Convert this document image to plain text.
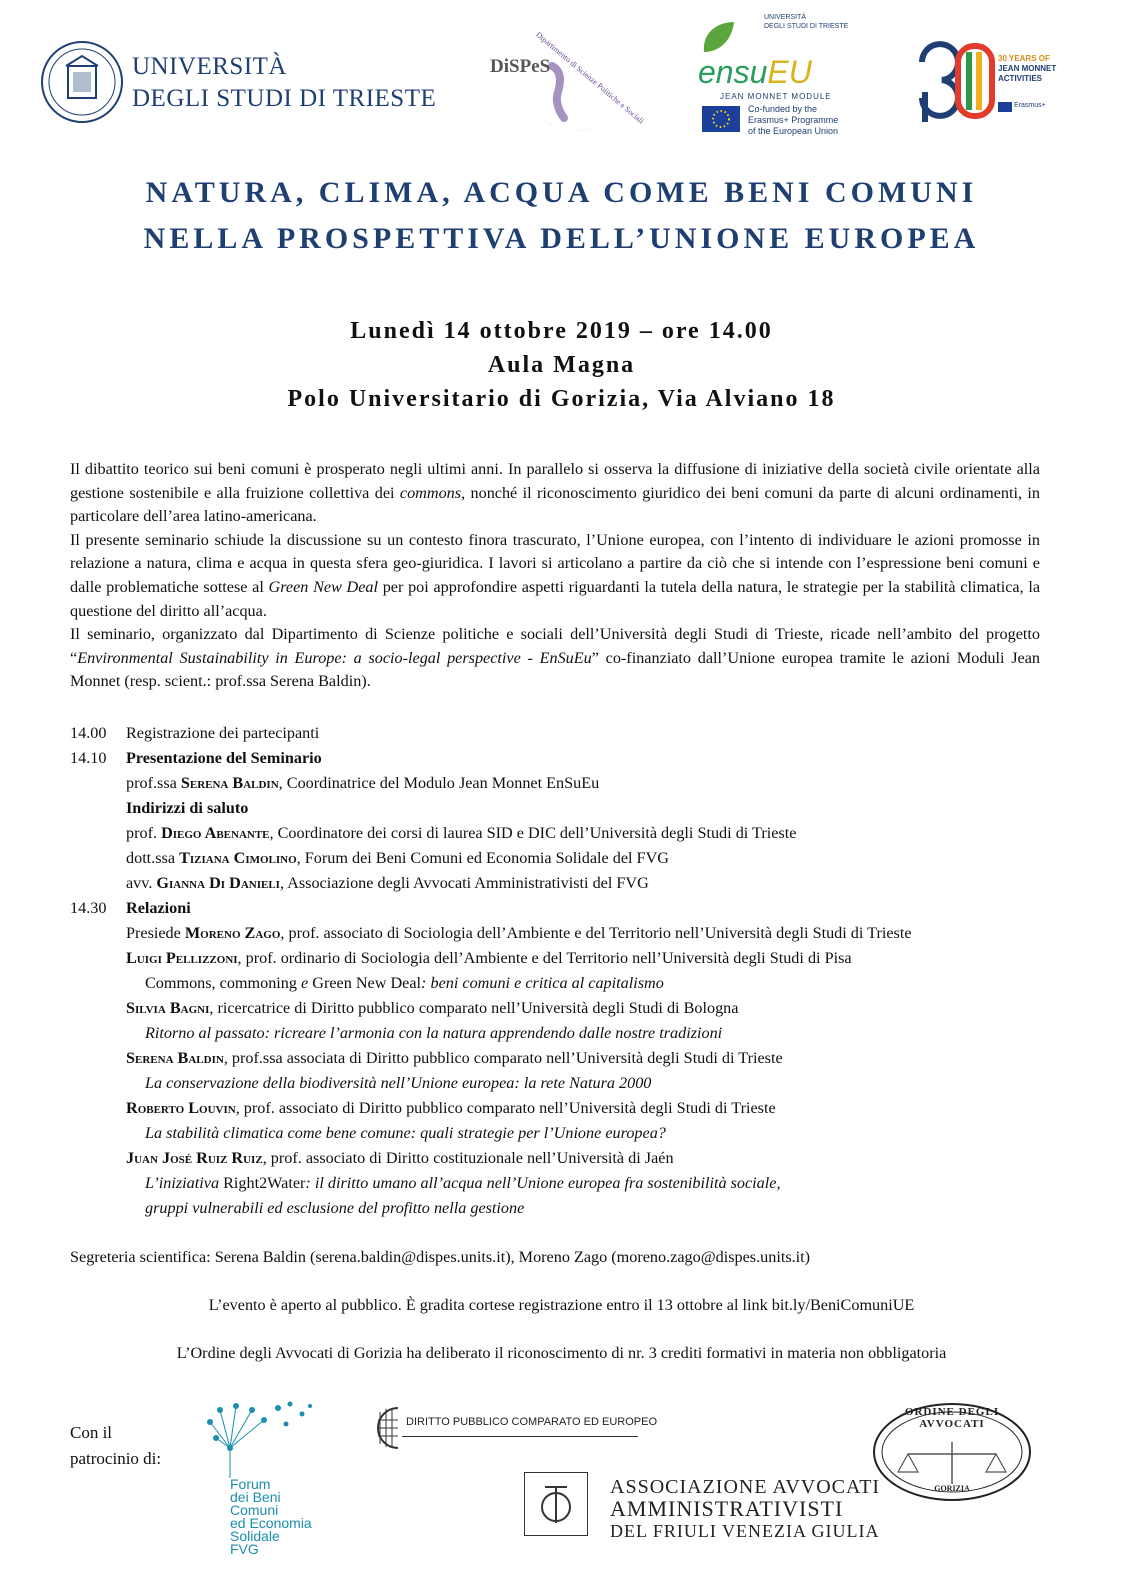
UNIVERSITÀ
DEGLI STUDI DI TRIESTE
DiSPeS
Dipartimento di Scienze Politiche e Sociali
UNIVERSITÀ
DEGLI STUDI DI TRIESTE
ensuEU
JEAN MONNET MODULE
Co-funded by the
Erasmus+ Programme
of the European Union
30 YEARS OF
JEAN MONNET
ACTIVITIES
Erasmus+
NATURA, CLIMA, ACQUA COME BENI COMUNI
NELLA PROSPETTIVA DELL’UNIONE EUROPEA
Lunedì 14 ottobre 2019 – ore 14.00
Aula Magna
Polo Universitario di Gorizia, Via Alviano 18

Il dibattito teorico sui beni comuni è prosperato negli ultimi anni. In parallelo si osserva la diffusione di iniziative della società civile orientate alla gestione sostenibile e alla fruizione collettiva dei commons, nonché il riconoscimento giuridico dei beni comuni da parte di alcuni ordinamenti, in particolare dell’area latino-americana.

Il presente seminario schiude la discussione su un contesto finora trascurato, l’Unione europea, con l’intento di individuare le azioni promosse in relazione a natura, clima e acqua in questa sfera geo-giuridica. I lavori si articolano a partire da ciò che si intende con l’espressione beni comuni e dalle problematiche sottese al Green New Deal per poi approfondire aspetti riguardanti la tutela della natura, le strategie per la stabilità climatica, la questione del diritto all’acqua.

Il seminario, organizzato dal Dipartimento di Scienze politiche e sociali dell’Università degli Studi di Trieste, ricade nell’ambito del progetto “Environmental Sustainability in Europe: a socio-legal perspective - EnSuEu” co-finanziato dall’Unione europea tramite le azioni Moduli Jean Monnet (resp. scient.: prof.ssa Serena Baldin).

14.00 Registrazione dei partecipanti
14.10 Presentazione del Seminario
prof.ssa Serena Baldin, Coordinatrice del Modulo Jean Monnet EnSuEu
Indirizzi di saluto
prof. Diego Abenante, Coordinatore dei corsi di laurea SID e DIC dell’Università degli Studi di Trieste
dott.ssa Tiziana Cimolino, Forum dei Beni Comuni ed Economia Solidale del FVG
avv. Gianna Di Danieli, Associazione degli Avvocati Amministrativisti del FVG
14.30 Relazioni
Presiede Moreno Zago, prof. associato di Sociologia dell’Ambiente e del Territorio nell’Università degli Studi di Trieste
Luigi Pellizzoni, prof. ordinario di Sociologia dell’Ambiente e del Territorio nell’Università degli Studi di Pisa
Commons, commoning e Green New Deal: beni comuni e critica al capitalismo
Silvia Bagni, ricercatrice di Diritto pubblico comparato nell’Università degli Studi di Bologna
Ritorno al passato: ricreare l’armonia con la natura apprendendo dalle nostre tradizioni
Serena Baldin, prof.ssa associata di Diritto pubblico comparato nell’Università degli Studi di Trieste
La conservazione della biodiversità nell’Unione europea: la rete Natura 2000
Roberto Louvin, prof. associato di Diritto pubblico comparato nell’Università degli Studi di Trieste
La stabilità climatica come bene comune: quali strategie per l’Unione europea?
Juan José Ruiz Ruiz, prof. associato di Diritto costituzionale nell’Università di Jaén
L’iniziativa Right2Water: il diritto umano all’acqua nell’Unione europea fra sostenibilità sociale,
gruppi vulnerabili ed esclusione del profitto nella gestione
Segreteria scientifica: Serena Baldin (serena.baldin@dispes.units.it), Moreno Zago (moreno.zago@dispes.units.it)
L’evento è aperto al pubblico. È gradita cortese registrazione entro il 13 ottobre al link bit.ly/BeniComuniUE
L’Ordine degli Avvocati di Gorizia ha deliberato il riconoscimento di nr. 3 crediti formativi in materia non obbligatoria
Con il
patrocinio di:
Forum
dei Beni
Comuni
ed Economia
Solidale
FVG
DIRITTO PUBBLICO COMPARATO ED EUROPEO
ASSOCIAZIONE AVVOCATI
AMMINISTRATIVISTI
DEL FRIULI VENEZIA GIULIA
ORDINE DEGLI AVVOCATI
GORIZIA
